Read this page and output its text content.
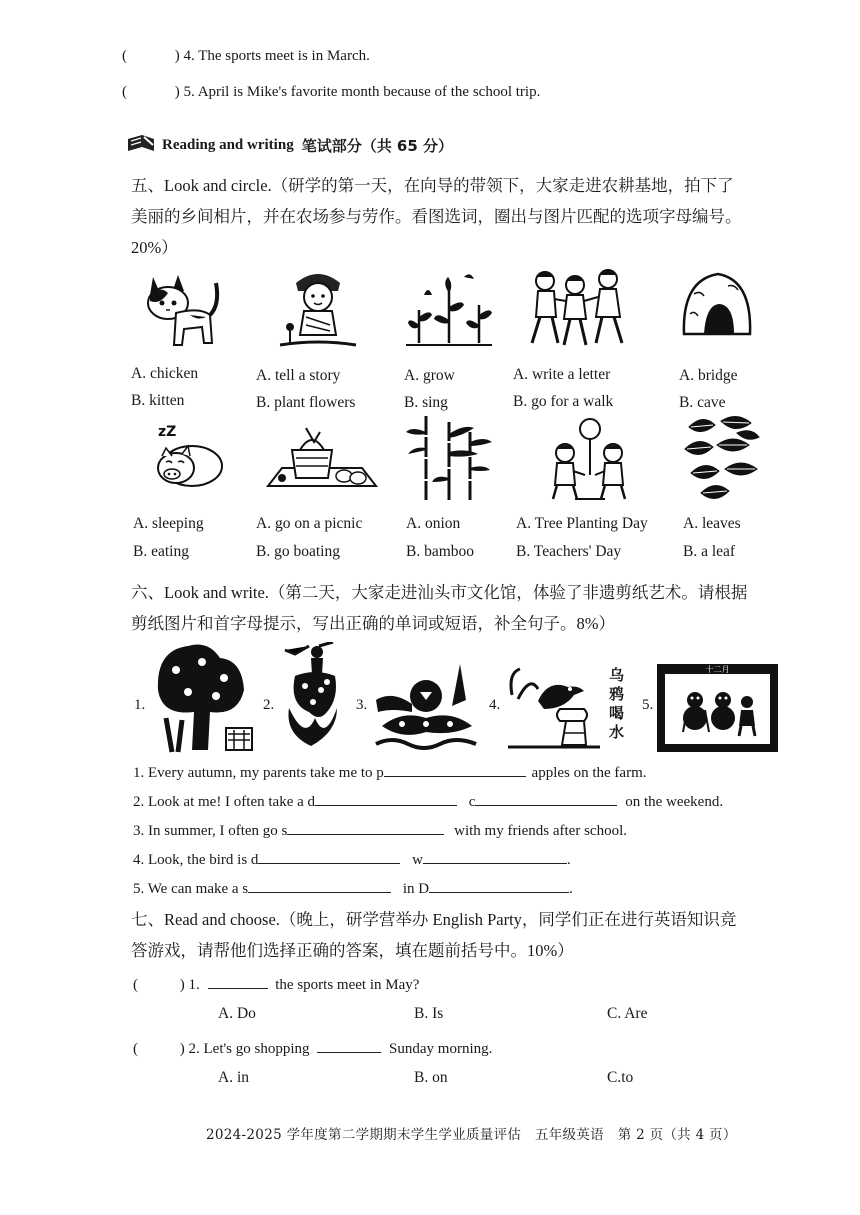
(	) 4. The sports meet is in March.
(	) 5. April is Mike's favorite month because of the school trip.
Reading and writing 笔试部分（共 65 分）
五、Look and circle.（研学的第一天，在向导的带领下，大家走进农耕基地，拍下了
美丽的乡间相片，并在农场参与劳作。看图选词，圈出与图片匹配的选项字母编号。
20%）
A. chicken
B. kitten
A. tell a story
B. plant flowers
A. grow
B. sing
A. write a letter
B. go for a walk
A. bridge
B. cave
zZ
A. sleeping
B. eating
A. go on a picnic
B. go boating
A. onion
B. bamboo
A. Tree Planting Day
B. Teachers' Day
A. leaves
B. a leaf
六、Look and write.（第二天，大家走进汕头市文化馆，体验了非遗剪纸艺术。请根据
剪纸图片和首字母提示，写出正确的单词或短语，补全句子。8%）
1.	2.	3.	4.
乌鸦喝水
5.
十二月
1. Every autumn, my parents take me to p	apples on the farm.
2. Look at me! I often take a d	c	on the weekend.
3. In summer, I often go s	with my friends after school.
4. Look, the bird is d	w	.
5. We can make a s	in D	.
七、Read and choose.（晚上，研学营举办 English Party，同学们正在进行英语知识竞
答游戏，请帮他们选择正确的答案，填在题前括号中。10%）
(	) 1.	the sports meet in May?
A. Do	B. Is	C. Are
(	) 2. Let's go shopping	Sunday morning.
A. in	B. on	C.to
2024-2025 学年度第二学期期末学生学业质量评估   五年级英语   第 2 页（共 4 页）
